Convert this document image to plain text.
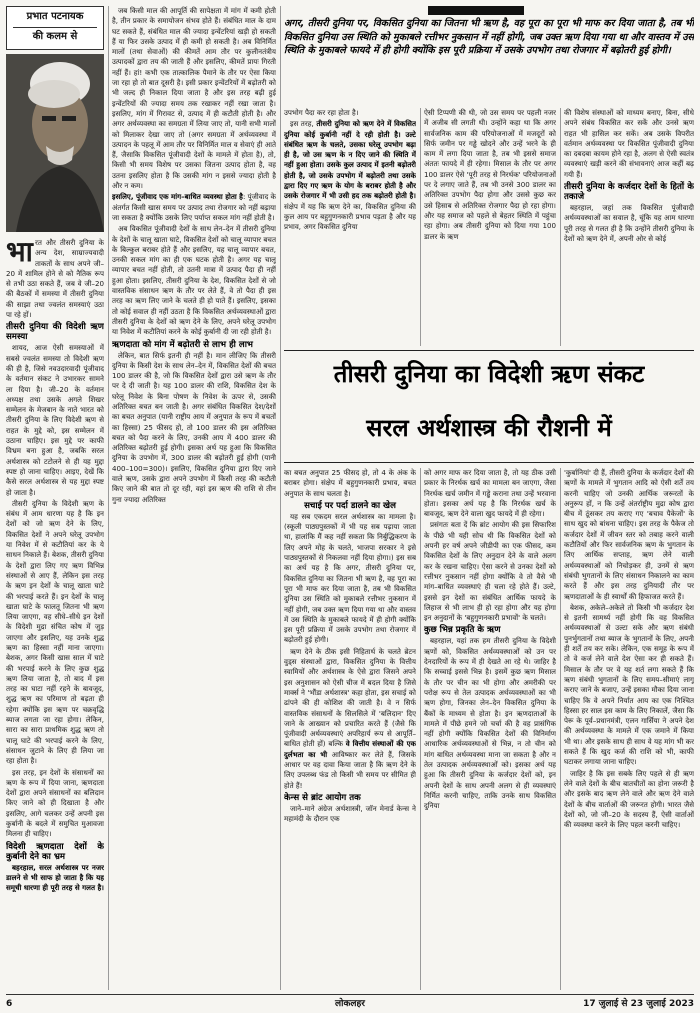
प्रभात पटनायक
की कलम से

भा रत और तीसरी दुनिया के अन्य देश, साम्राज्यवादी ताकतों के साथ अपने जी–20 में शामिल होने से को नैतिक रूप से तभी उठा सकते हैं, जब वे जी–20 की बैठकों में समस्या में तीसरी दुनिया की साझा तथा ज्वलंत समस्याएं उठा पा रहे हों।

तीसरी दुनिया की विदेशी ऋण समस्या

शायद, आज ऐसी समस्याओं में सबसे ज्वलंत समस्या तो विदेशी ऋण की ही है, जिसे नवउदारवादी पूंजीवाद के वर्तमान संकट ने उभारकर सामने ला दिया है। जी–20 के वर्तमान अध्यक्ष तथा उसके अगले शिखर सम्मेलन के मेजबान के नाते भारत को तीसरी दुनिया के लिए विदेशी ऋण से राहत के मुद्दे को, इस सम्मेलन में उठाना चाहिए। इस मुद्दे पर काफी विभ्रम बना हुआ है, जबकि सरल अर्थशास्त्र को टटोलने से ही यह मुद्दा स्पष्ट हो जाना चाहिए। आइए, देखें कि कैसे सरल अर्थशास्त्र से यह मुद्दा स्पष्ट हो जाता है।

तीसरी दुनिया के विदेशी ऋण के संबंध में आम धारणा यह है कि इन देशों को जो ऋण देने के लिए, विकसित देशों ने अपने घरेलू उपभोग या निवेश में से कटौतियां कर के ये साधन निकाले हैं। बेशक, तीसरी दुनिया के देशों द्वारा लिए गए ऋण विभिन्न संस्थाओं से आए हैं, लेकिन इस तरह के ऋण इन देशों के चालू खाता घाटे की भरपाई करते हैं। इन देशों के चालू खाता घाटे के फालतू जितना भी ऋण लिया जाएगा, वह सीधे–सीधे इन देशों के विदेशी मुद्रा संचित कोष में जुड़ जाएगा और इसलिए, यह उनके शुद्ध ऋण का हिस्सा नहीं माना जाएगा। बेशक, अगर किसी खास साल में घाटे की भरपाई करने के लिए कुछ शुद्ध ऋण लिया जाता है, तो बाद में इस तरह का घाटा नहीं रहने के बावजूद, शुद्ध ऋण का परिमाण तो बढ़ता ही रहेगा क्योंकि इस ऋण पर चक्रवृद्धि ब्याज लगता जा रहा होगा। लेकिन, सारा का सारा प्राथमिक शुद्ध ऋण तो चालू घाटे की भरपाई करने के लिए, संसाधन जुटाने के लिए ही लिया जा रहा होता है।

इस तरह, इन देशों के संसाधनों का ऋण के रूप में दिया जाना, ऋणदाता देशों द्वारा अपने संसाधनों का बलिदान किए जाने को ही दिखाता है और इसलिए, आगे चलकर उन्हें अपनी इस कुर्बानी के बदले में समुचित मुआवजा मिलना ही चाहिए।

विदेशी ऋणदाता देशों के कुर्बानी देने का भ्रम

बहरहाल, सरल अर्थशास्त्र पर नजर डालने से भी साफ हो जाता है कि यह समूची धारणा ही पूरी तरह से गलत है।

जब किसी माल की आपूर्ति की सापेक्षता में मांग में कमी होती है, तीन प्रकार के समायोजन संभव होते हैं। संबंधित माल के दाम घट सकते हैं, संबंधित माल की ज्यादा इन्वेंटरियां खड़ी हो सकती हैं या फिर उसके उत्पाद में ही कमी हो सकती है। अब विनिर्मित मालों (तथा सेवाओं) की कीमतें आम तौर पर कुलीनतंत्रीय उत्पादकों द्वारा तय की जाती हैं और इसलिए, कीमतें प्रायः गिरती नहीं हैं। हां! कभी एक तात्कालिक पैमाने के तौर पर ऐसा किया जा रहा हो तो बात दूसरी है। इसी प्रकार इन्वेंटरियों में बढ़ोतरी को भी जल्द ही निकाल दिया जाता है और इस तरह बढ़ी हुई इन्वेंटरियों की ज्यादा समय तक रखाकर नहीं रखा जाता है। इसलिए, मांग में गिरावट से, उत्पाद में ही कटौती होती है। और अगर अर्थव्यवस्था का समग्रता में लिया जाए तो, यानी सभी मालों को मिलाकर देखा जाए तो (अगर समग्रता में अर्थव्यवस्था में उत्पादन के पहलू में आम तौर पर विनिर्मित माल व सेवाएं ही आते हैं, जैसाकि विकसित पूंजीवादी देशों के मामले में होता है), तो, किसी भी समय विशेष पर उसका जितना उत्पाद होता है, वह उतना इसलिए होता है कि उसकी मांग न इससे ज्यादा होती है और न कम।

इसलिए, पूंजीवाद एक मांग–बाधित व्यवस्था होता है: पूंजीवाद के अंतर्गत किसी खास समय पर उत्पाद तथा रोजगार को नहीं बढ़ाया जा सकता है क्योंकि उसके लिए पर्याप्त सकल मांग नहीं होती है।

अब विकसित पूंजीवादी देशों के साथ लेन–देन में तीसरी दुनिया के देशों के चालू खाता घाटे, विकसित देशों को चालू व्यापार बचत के बिल्कुल बराबर होते हैं और इसलिए, यह चालू व्यापार बचत, उनकी सकल मांग का ही एक घटक होती है। अगर यह चालू व्यापार बचत नहीं होती, तो उतनी मात्रा में उत्पाद पैदा ही नहीं हुआ होता। इसलिए, तीसरी दुनिया के देश, विकसित देशों से जो वास्तविक संसाधन ऋण के तौर पर लेते हैं, वे तो पैदा ही इस तरह का ऋण लिए जाने के चलते ही हो पाते हैं। इसलिए, इसका तो कोई सवाल ही नहीं उठता है कि विकसित अर्थव्यवस्थाओं द्वारा तीसरी दुनिया के देशों को ऋण देने के लिए, अपने घरेलू उपभोग या निवेश में कटौतियां करने के कोई कुर्बानी दी जा रही होती है।

ऋणदाता को मांग में बढ़ोतरी से लाभ ही लाभ

लेकिन, बात सिर्फ इतनी ही नहीं है। मान लीजिए कि तीसरी दुनिया के किसी देश के साथ लेन–देन में, विकसित देशों की बचत 100 डालर की है, जो कि विकसित देशों द्वारा उसे ऋण के तौर पर दे दी जाती है। यह 100 डालर की राशि, विकसित देश के घरेलू निवेश के बिना पोषण के निवेश के ऊपर से, उसकी अतिरिक्त बचत बन जाती है। अगर संबंधित विकसित देश/देशों का बचत अनुपात (यानी राष्ट्रीय आय में अनुपात के रूप में बचतों का हिस्सा) 25 फीसद हो, तो 100 डालर की इस अतिरिक्त बचत को पैदा करने के लिए, उनकी आय में 400 डालर की अतिरिक्त बढ़ोतरी हुई होगी। इसका अर्थ यह हुआ कि विकसित दुनिया के उपभोग में, 300 डालर की बढ़ोतरी हुई होगी (यानी 400–100=300)। इसलिए, विकसित दुनिया द्वारा दिए जाने वाले ऋण, उसके द्वारा अपने उपभोग में किसी तरह की कटौती किए जाने की बात तो दूर रही, वहां इस ऋण की राशि से तीन गुना ज्यादा अतिरिक्त

अगर, तीसरी दुनिया पर, विकसित दुनिया का जितना भी ऋण है, वह पूरा का पूरा भी माफ कर दिया जाता है, तब भी विकसित दुनिया उस स्थिति को मुकाबले रत्तीभर नुकसान में नहीं होगी, जब उक्त ऋण दिया गया था और वास्तव में उस स्थिति के मुकाबले फायदे में ही होगी क्योंकि इस पूरी प्रक्रिया में उसके उपभोग तथा रोजगार में बढ़ोतरी हुई होगी।

उपभोग पैदा कर रहा होता है।

इस तरह, तीसरी दुनिया को ऋण देने में विकसित दुनिया कोई कुर्बानी नहीं दे रही होती है। उल्टे संबंधित ऋण के चलते, उसका घरेलू उपभोग बढ़ा ही है, जो उस ऋण के न दिए जाने की स्थिति में नहीं हुआ होता। उसके कुल उत्पाद में इतनी बढ़ोतरी होती है, जो उसके उपभोग में बढ़ोतरी तथा उसके द्वारा दिए गए ऋण के योग के बराबर होती है और उसके रोजगार में भी उसी हद तक बढ़ोतरी होती है। संक्षेप में यह कि ऋण देने का, विकसित दुनिया की कुल आय पर बहुगुणनकारी प्रभाव पड़ता है और यह प्रभाव, अगर विकसित दुनिया

ऐसी टिप्पणी की थी, जो उस समय पर पहली नजर में अजीब सी लगती थी। उन्होंने कहा था कि अगर सार्वजनिक काम की परियोजनाओं में मजदूरों को सिर्फ जमीन पर गड्ढे खोदने और उन्हें भरने के ही काम में लगा दिया जाता है, तब भी इससे समाज अंततः फायदे में ही रहेगा। मिसाल के तौर पर अगर 100 डालर ऐसे 'पूरी तरह से निरर्थक' परियोजनाओं पर दे लगाए जाते हैं, तब भी उनसे 300 डालर का अतिरिक्त उपभोग पैदा होगा और उससे कुछ कर उसे हिसाब से अतिरिक्त रोजगार पैदा हो रहा होगा। और यह समाज को पहले से बेहतर स्थिति में पहुंचा रहा होगा। अब तीसरी दुनिया को दिया गया 100 डालर के ऋण

की विशेष संस्थाओं को माध्यम बनाए, बिना, सीधे अपने संबंध विकसित कर सकें और उनसे ऋण राहत भी हासिल कर सकें। अब उसके विपरीत वर्तमान अर्थव्यवस्था पर विकसित पूंजीवादी दुनिया का दबदबा कायम होने रहा है, अलग से ऐसी स्वतंत्र व्यवस्थाएं खड़ी करने की संभावनाएं आज कहीं बढ़ गयी हैं।

तीसरी दुनिया के कर्जदार देशों के हितों के तकाजे

बहरहाल, जहां तक विकसित पूंजीवादी अर्थव्यवस्थाओं का सवाल है, चूंकि यह आम धारणा पूरी तरह से गलत ही है कि उन्होंने तीसरी दुनिया के देशों को ऋण देने में, अपनी ओर से कोई

तीसरी दुनिया का विदेशी ऋण संकट
सरल अर्थशास्त्र की रौशनी में

का बचत अनुपात 25 फीसद हो, तो 4 के अंक के बराबर होगा। संक्षेप में बहुगुणनकारी प्रभाव, बचत अनुपात के साथ चलता है।

सचाई पर पर्दा डालने का खेल

यह सब एकदम सरल अर्थशास्त्र का मामला है। (स्कूली पाठ्यपुस्तकों में भी यह सब पढ़ाया जाता था, हालांकि मैं कह नहीं सकता कि निर्बुद्धिकरण के लिए अपने मोह के चलते, भाजपा सरकार ने इसे पाठ्यपुस्तकों से निकलवा नहीं दिया होगा।) इस सब का अर्थ यह है कि अगर, तीसरी दुनिया पर, विकसित दुनिया का जितना भी ऋण है, वह पूरा का पूरा भी माफ कर दिया जाता है, तब भी विकसित दुनिया उस स्थिति को मुकाबले रत्तीभर नुकसान में नहीं होगी, जब उक्त ऋण दिया गया था और वास्तव में उस स्थिति के मुकाबले फायदे में ही होगी क्योंकि इस पूरी प्रक्रिया में उसके उपभोग तथा रोजगार में बढ़ोतरी हुई होगी।

ऋण देने के ठीक इसी निहितार्थ के चलते ब्रेटन वुड्स संस्थाओं द्वारा, विकसित दुनिया के वित्तीय स्वामियों और अर्थशास्त्र के ऐसे द्वारा जिसने अपने इस अनुशासन को ऐसी चीज में बदल दिया है जिसे मार्क्स ने 'भौंडा अर्थशास्त्र' कहा होता, इस सचाई को ढांपने की ही कोशिश की जाती है। वे न सिर्फ वास्तविक संसाधनों के सिलसिले में 'बलिदान' दिए जाने के आख्यान को प्रचारित करते हैं (जैसे कि पूंजीवादी अर्थव्यवस्थाएं अपरिहार्य रूप से आपूर्ति–बाधित होती हों) बल्कि वे वित्तीय संस्थाओं की एक दुर्लभता का भी आविष्कार कर लेते हैं, जिसके आधार पर वह दावा किया जाता है कि ऋण देने के लिए उपलब्ध फंड तो किसी भी समय पर सीमित ही होते हैं!

केन्स से ब्रांट आयोग तक

जाने–माने अंग्रेज अर्थशास्त्री, जॉन मेनार्ड केन्स ने महामंदी के दौरान एक

को अगर माफ कर दिया जाता है, तो यह ठीक उसी प्रकार के निरर्थक खर्च का मामला बन जाएगा, जैसा निरर्थक खर्च जमीन में गड्ढे कराना तथा उन्हें भरवाना होता। इसका अर्थ यह है कि निरर्थक खर्च के बावजूद, ऋण देने वाला खुद फायदे में ही रहेगा।

प्रसंगतः बता दें कि ब्रांट आयोग की इस सिफारिश के पीछे भी यही सोच थी कि विकसित देशों को अपनी हर वर्ष अपने जीडीपी का एक फीसद, कम विकसित देशों के लिए अनुदान देने के वाले अलग कर के रखना चाहिए। ऐसा करने से उनका देशों को रत्तीभर नुकसान नहीं होगा क्योंकि वे तो वैसे भी मांग–बाधित व्यवस्थाएं ही चला रहे होते हैं। उल्टे, इससे इन देशों का संबंधित आर्थिक फायदे के लिहाज से भी लाभ ही हो रहा होगा और यह होगा इन अनुदानों के 'बहुगुणनकारी प्रभावों' के चलते।

कुछ भिन्न प्रकृति के ऋण

बहरहाल, यहां तक हम तीसरी दुनिया के विदेशी ऋणों को, विकसित अर्थव्यवस्थाओं को उन पर देनदारियों के रूप में ही देखते आ रहे थे। जाहिर है कि सच्चाई इससे भिन्न है। इसमें कुछ ऋण मिसाल के तौर पर चीन का भी होगा और अमरीकी पर परोक्ष रूप से तेल उत्पादक अर्थव्यवस्थाओं का भी ऋण होगा, जिनका लेन–देन विकसित दुनिया के बैंकों के माध्यम से होता है। इन ऋणदाताओं के मामले में पीछे हमने जो चर्चा की है वह प्रासंगिक नहीं होगी क्योंकि विकसित देशों की विनिर्माण आधारिक अर्थव्यवस्थाओं से भिन्न, न तो चीन को मांग बाधित अर्थव्यवस्था माना जा सकता है और न तेल उत्पादक अर्थव्यवस्थाओं को। इसका अर्थ यह हुआ कि तीसरी दुनिया के कर्जदार देशों को, इन अपनी देशों के साथ अपनी अलग से ही व्यवस्थाएं निर्मित करनी चाहिए, ताकि उनके साथ विकसित दुनिया

'कुर्बानियां' दी हैं, तीसरी दुनिया के कर्जदार देशों की ऋणों के मामले में भुगतान आदि को ऐसी शर्तें तय करनी चाहिए जो उनकी आर्थिक जरूरतों के अनुरूप हों, न कि उन्हें अंतर्राष्ट्रीय मुद्रा कोष द्वारा बीच में ठूंसकर तय कराए गए 'बचाव पैकेजों' के साथ खुद को बांधना चाहिए। इस तरह के पैकेज तो कर्जदार देशों में जीवन स्तर को तबाह करने वाली कटौतियों और फिर सार्वजनिक ऋण के भुगतान के लिए आर्थिक सप्ताह, ऋण लेने वाली अर्थव्यवस्थाओं को निचोड़कर ही, उनमें से ऋण संबंधी भुगतानों के लिए संसाधन निकालने का काम करते हैं और इस तरह दुनियादी तौर पर ऋणदाताओं के ही स्वार्थों की हिफाजत करते हैं।

बेशक, अकेले–अकेले तो किसी भी कर्जदार देश से इतनी सामर्थ्य नहीं होगी कि वह विकसित अर्थव्यवस्थाओं से उल्टा सके और ऋण संबंधी पुनर्भुगतानों तथा ब्याज के भुगतानों के लिए, अपनी ही शर्तें तय कर सके। लेकिन, एक समूह के रूप में तो वे कर्ज लेने वाले देश ऐसा कर ही सकते हैं। मिसाल के तौर पर वे यह शर्त लगा सकते हैं कि ऋण संबंधी भुगतानों के लिए समय–सीमाएं लागू कराए जाने के बजाए, उन्हें इसका मौका दिया जाना चाहिए कि वे अपने निर्यात आय का एक निश्चित हिस्सा हर साल इस काम के लिए निकालें, जैसा कि पेरू के पूर्व–प्रधानमंत्री, एलन गार्सिया ने अपने देश की अर्थव्यवस्था के मामले में एक जमाने में किया भी था। और इसके साथ ही साथ वे यह मांग भी कर सकते हैं कि खुद कर्ज की राशि को भी, काफी घटाकर लगाया जाना चाहिए।

जाहिर है कि इस सबके लिए पहले से ही ऋण लेने वाले देशों के बीच बातचीतों का होना जरूरी है और इसके बाद ऋण लेने वाले और ऋण देने वाले देशों के बीच वार्ताओं की जरूरत होगी। भारत जैसे देशों को, जो जी–20 के सदस्य हैं, ऐसी वार्ताओं की व्यवस्था करने के लिए पहल करनी चाहिए।

6	लोकलहर	17 जुलाई से 23 जुलाई 2023
